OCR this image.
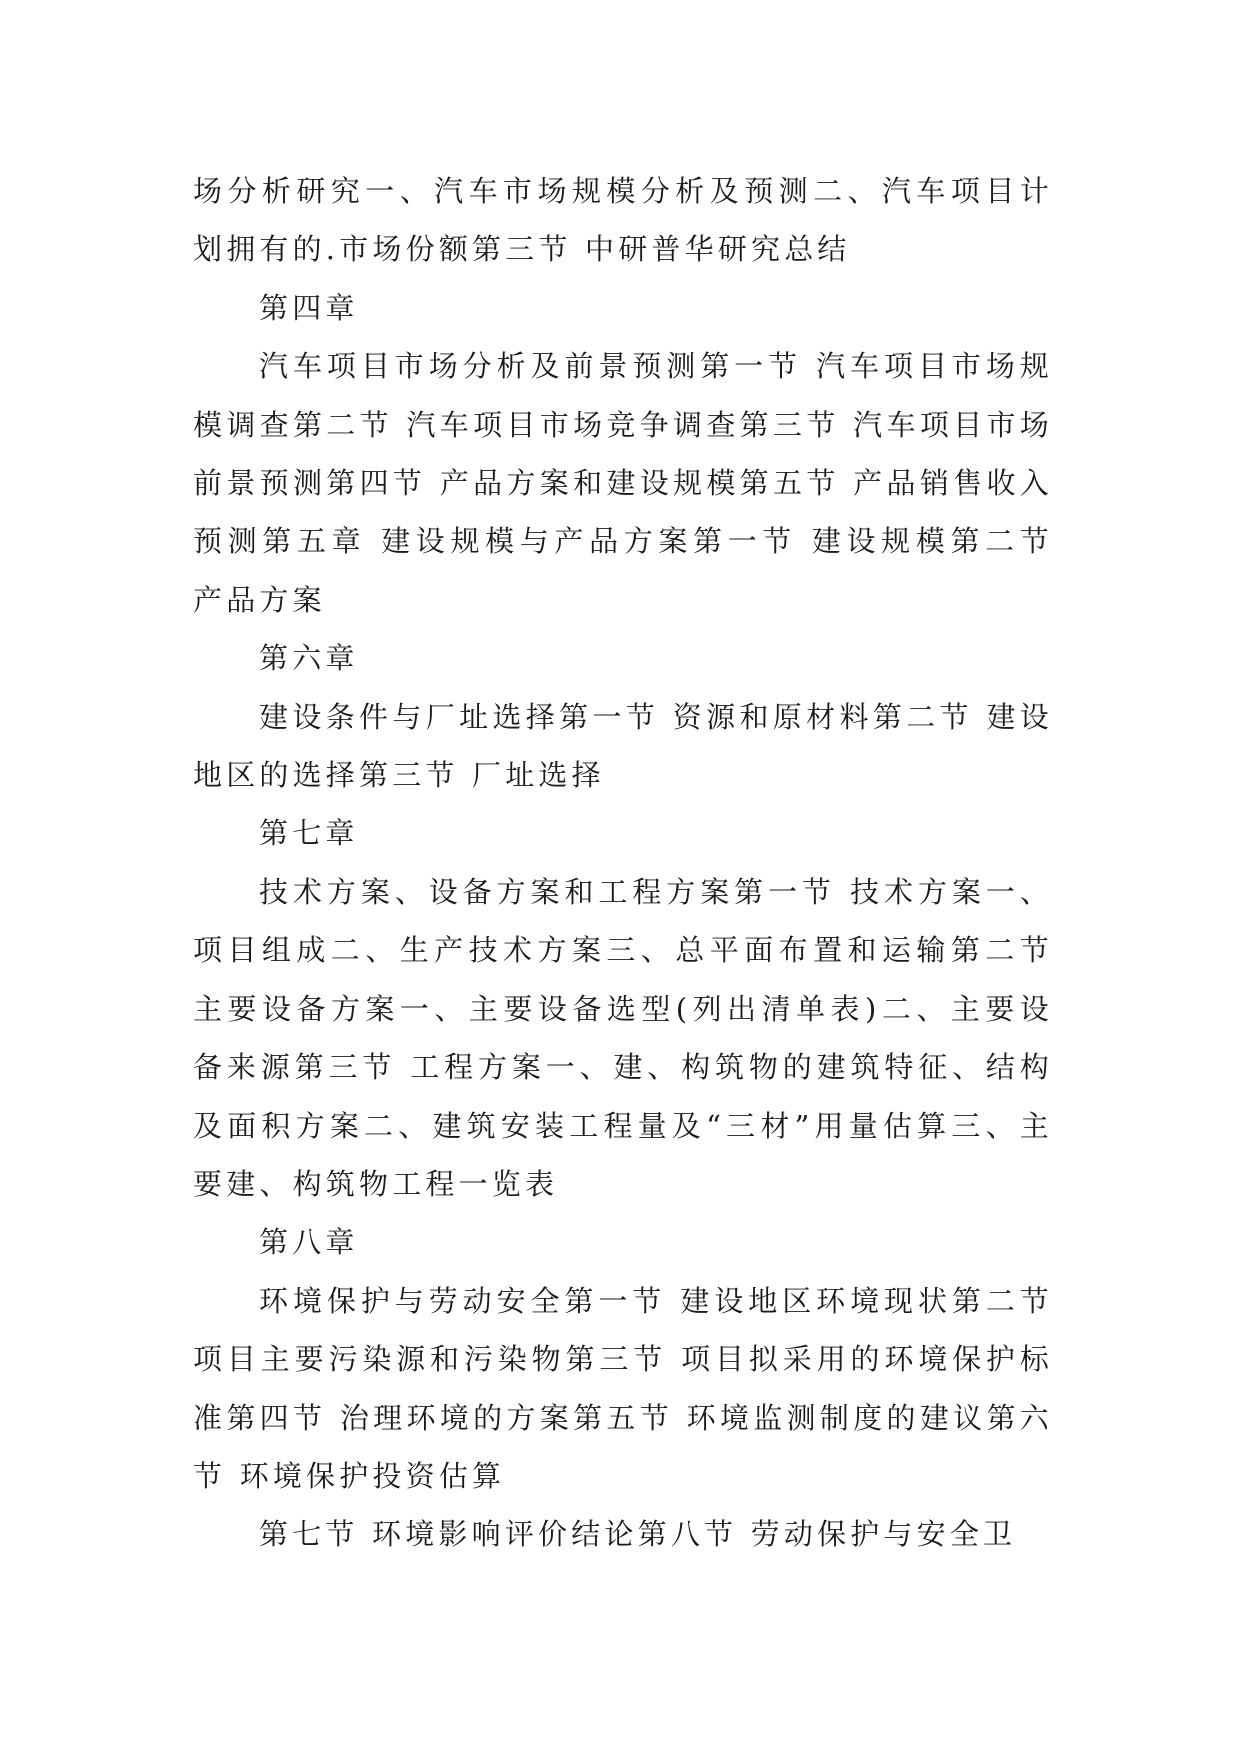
场分析研究一、汽车市场规模分析及预测二、汽车项目计划拥有的.市场份额第三节 中研普华研究总结

第四章

汽车项目市场分析及前景预测第一节 汽车项目市场规模调查第二节 汽车项目市场竞争调查第三节 汽车项目市场前景预测第四节 产品方案和建设规模第五节 产品销售收入预测第五章 建设规模与产品方案第一节 建设规模第二节 产品方案

第六章

建设条件与厂址选择第一节 资源和原材料第二节 建设地区的选择第三节 厂址选择

第七章

技术方案、设备方案和工程方案第一节 技术方案一、项目组成二、生产技术方案三、总平面布置和运输第二节 主要设备方案一、主要设备选型(列出清单表)二、主要设备来源第三节 工程方案一、建、构筑物的建筑特征、结构及面积方案二、建筑安装工程量及“三材”用量估算三、主要建、构筑物工程一览表

第八章

环境保护与劳动安全第一节 建设地区环境现状第二节 项目主要污染源和污染物第三节 项目拟采用的环境保护标准第四节 治理环境的方案第五节 环境监测制度的建议第六节 环境保护投资估算

第七节 环境影响评价结论第八节 劳动保护与安全卫
